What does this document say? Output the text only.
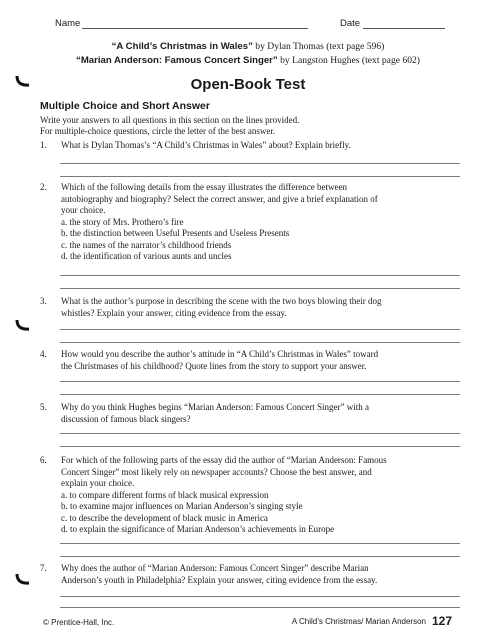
Name	Date
“A Child’s Christmas in Wales” by Dylan Thomas (text page 596)
“Marian Anderson: Famous Concert Singer” by Langston Hughes (text page 602)
Open-Book Test
Multiple Choice and Short Answer
Write your answers to all questions in this section on the lines provided.
For multiple-choice questions, circle the letter of the best answer.
1.	What is Dylan Thomas’s “A Child’s Christmas in Wales” about? Explain briefly.
2.	Which of the following details from the essay illustrates the difference between
autobiography and biography? Select the correct answer, and give a brief explanation of
your choice.
a. the story of Mrs. Prothero’s fire
b. the distinction between Useful Presents and Useless Presents
c. the names of the narrator’s childhood friends
d. the identification of various aunts and uncles
3.	What is the author’s purpose in describing the scene with the two boys blowing their dog
whistles? Explain your answer, citing evidence from the essay.
4.	How would you describe the author’s attitude in “A Child’s Christmas in Wales” toward
the Christmases of his childhood? Quote lines from the story to support your answer.
5.	Why do you think Hughes begins “Marian Anderson: Famous Concert Singer” with a
discussion of famous black singers?
6.	For which of the following parts of the essay did the author of “Marian Anderson: Famous
Concert Singer” most likely rely on newspaper accounts? Choose the best answer, and
explain your choice.
a. to compare different forms of black musical expression
b. to examine major influences on Marian Anderson’s singing style
c. to describe the development of black music in America
d. to explain the significance of Marian Anderson’s achievements in Europe
7.	Why does the author of “Marian Anderson: Famous Concert Singer” describe Marian
Anderson’s youth in Philadelphia? Explain your answer, citing evidence from the essay.
© Prentice-Hall, Inc.	A Child’s Christmas/ Marian Anderson 127
